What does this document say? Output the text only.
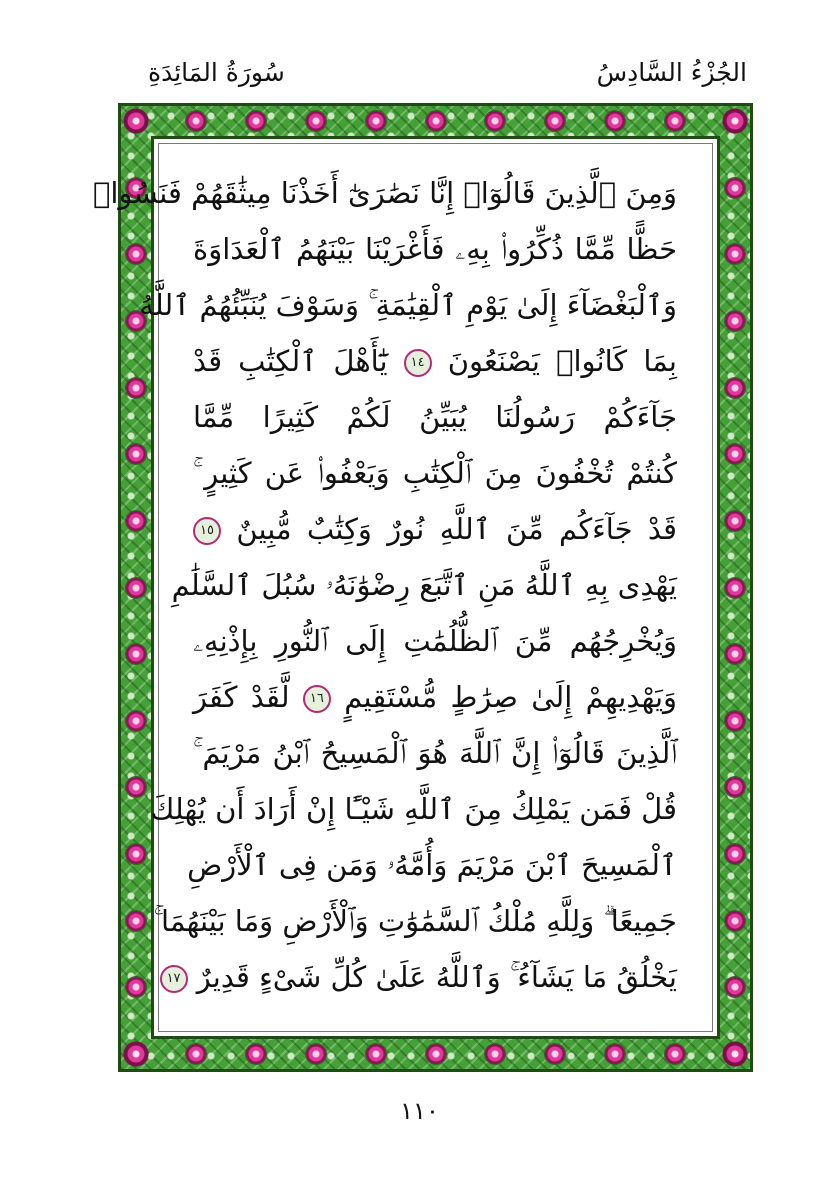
الجُزْءُ السَّادِسُ
سُورَةُ المَائِدَةِ
وَمِنَ ٱلَّذِينَ قَالُوٓا۟ إِنَّا نَصَٰرَىٰٓ أَخَذْنَا مِيثَٰقَهُمْ فَنَسُوا۟
حَظًّا مِّمَّا ذُكِّرُوا۟ بِهِۦ فَأَغْرَيْنَا بَيْنَهُمُ ٱلْعَدَاوَةَ
وَٱلْبَغْضَآءَ إِلَىٰ يَوْمِ ٱلْقِيَٰمَةِ ۚ وَسَوْفَ يُنَبِّئُهُمُ ٱللَّهُ
بِمَا كَانُوا۟ يَصْنَعُونَ ١٤ يَٰٓأَهْلَ ٱلْكِتَٰبِ قَدْ
جَآءَكُمْ رَسُولُنَا يُبَيِّنُ لَكُمْ كَثِيرًا مِّمَّا
كُنتُمْ تُخْفُونَ مِنَ ٱلْكِتَٰبِ وَيَعْفُوا۟ عَن كَثِيرٍ ۚ
قَدْ جَآءَكُم مِّنَ ٱللَّهِ نُورٌ وَكِتَٰبٌ مُّبِينٌ ١٥
يَهْدِى بِهِ ٱللَّهُ مَنِ ٱتَّبَعَ رِضْوَٰنَهُۥ سُبُلَ ٱلسَّلَٰمِ
وَيُخْرِجُهُم مِّنَ ٱلظُّلُمَٰتِ إِلَى ٱلنُّورِ بِإِذْنِهِۦ
وَيَهْدِيهِمْ إِلَىٰ صِرَٰطٍ مُّسْتَقِيمٍ ١٦ لَّقَدْ كَفَرَ
ٱلَّذِينَ قَالُوٓا۟ إِنَّ ٱللَّهَ هُوَ ٱلْمَسِيحُ ٱبْنُ مَرْيَمَ ۚ
قُلْ فَمَن يَمْلِكُ مِنَ ٱللَّهِ شَيْـًٔا إِنْ أَرَادَ أَن يُهْلِكَ
ٱلْمَسِيحَ ٱبْنَ مَرْيَمَ وَأُمَّهُۥ وَمَن فِى ٱلْأَرْضِ
جَمِيعًا ۗ وَلِلَّهِ مُلْكُ ٱلسَّمَٰوَٰتِ وَٱلْأَرْضِ وَمَا بَيْنَهُمَا ۚ
يَخْلُقُ مَا يَشَآءُ ۚ وَٱللَّهُ عَلَىٰ كُلِّ شَىْءٍ قَدِيرٌ ١٧
١١٠
